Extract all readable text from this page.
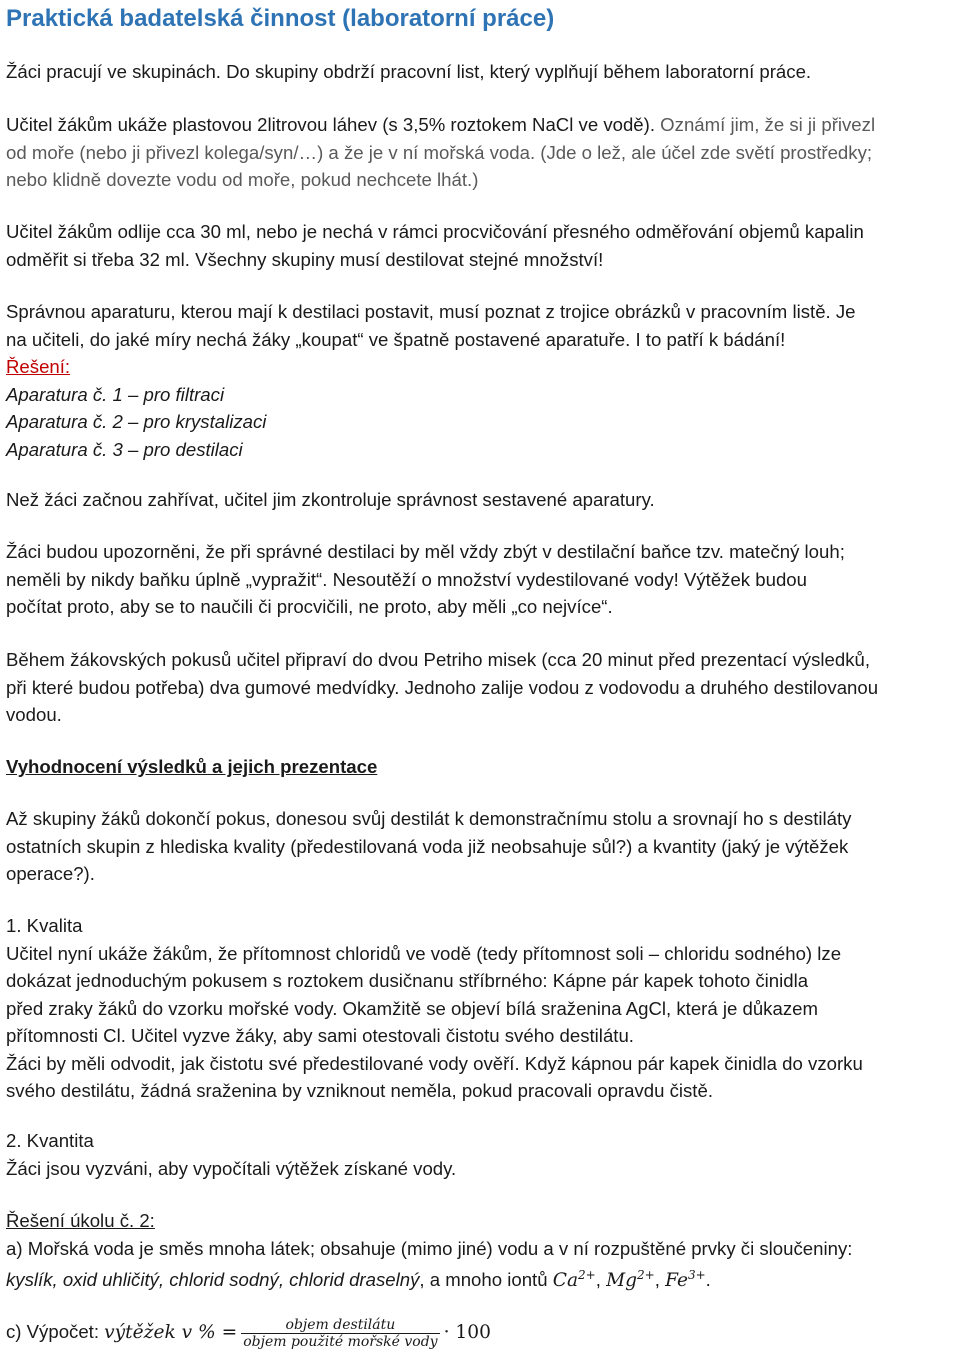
Praktická badatelská činnost (laboratorní práce)
Žáci pracují ve skupinách. Do skupiny obdrží pracovní list, který vyplňují během laboratorní práce.
Učitel žákům ukáže plastovou 2litrovou láhev (s 3,5% roztokem NaCl ve vodě). Oznámí jim, že si ji přivezl
od moře (nebo ji přivezl kolega/syn/…) a že je v ní mořská voda. (Jde o lež, ale účel zde světí prostředky;
nebo klidně dovezte vodu od moře, pokud nechcete lhát.)
Učitel žákům odlije cca 30 ml, nebo je nechá v rámci procvičování přesného odměřování objemů kapalin
odměřit si třeba 32 ml. Všechny skupiny musí destilovat stejné množství!
Správnou aparaturu, kterou mají k destilaci postavit, musí poznat z trojice obrázků v pracovním listě. Je
na učiteli, do jaké míry nechá žáky „koupat“ ve špatně postavené aparatuře. I to patří k bádání!
Řešení:
Aparatura č. 1 – pro filtraci
Aparatura č. 2 – pro krystalizaci
Aparatura č. 3 – pro destilaci
Než žáci začnou zahřívat, učitel jim zkontroluje správnost sestavené aparatury.
Žáci budou upozorněni, že při správné destilaci by měl vždy zbýt v destilační baňce tzv. matečný louh;
neměli by nikdy baňku úplně „vypražit“. Nesoutěží o množství vydestilované vody! Výtěžek budou
počítat proto, aby se to naučili či procvičili, ne proto, aby měli „co nejvíce“.
Během žákovských pokusů učitel připraví do dvou Petriho misek (cca 20 minut před prezentací výsledků,
při které budou potřeba) dva gumové medvídky. Jednoho zalije vodou z vodovodu a druhého destilovanou
vodou.
Vyhodnocení výsledků a jejich prezentace
Až skupiny žáků dokončí pokus, donesou svůj destilát k demonstračnímu stolu a srovnají ho s destiláty
ostatních skupin z hlediska kvality (předestilovaná voda již neobsahuje sůl?) a kvantity (jaký je výtěžek
operace?).
1. Kvalita
Učitel nyní ukáže žákům, že přítomnost chloridů ve vodě (tedy přítomnost soli – chloridu sodného) lze
dokázat jednoduchým pokusem s roztokem dusičnanu stříbrného: Kápne pár kapek tohoto činidla
před zraky žáků do vzorku mořské vody. Okamžitě se objeví bílá sraženina AgCl, která je důkazem
přítomnosti Cl. Učitel vyzve žáky, aby sami otestovali čistotu svého destilátu.
Žáci by měli odvodit, jak čistotu své předestilované vody ověří. Když kápnou pár kapek činidla do vzorku
svého destilátu, žádná sraženina by vzniknout neměla, pokud pracovali opravdu čistě.
2. Kvantita
Žáci jsou vyzváni, aby vypočítali výtěžek získané vody.
Řešení úkolu č. 2:
a) Mořská voda je směs mnoha látek; obsahuje (mimo jiné) vodu a v ní rozpuštěné prvky či sloučeniny:
kyslík, oxid uhličitý, chlorid sodný, chlorid draselný, a mnoho iontů $Ca^{2+}$, $Mg^{2+}$, $Fe^{3+}$.
c) Výpočet: výtěžek v % = $\frac{\text{objem destilátu}}{\text{objem použité mořské vody}} \cdot 100$
